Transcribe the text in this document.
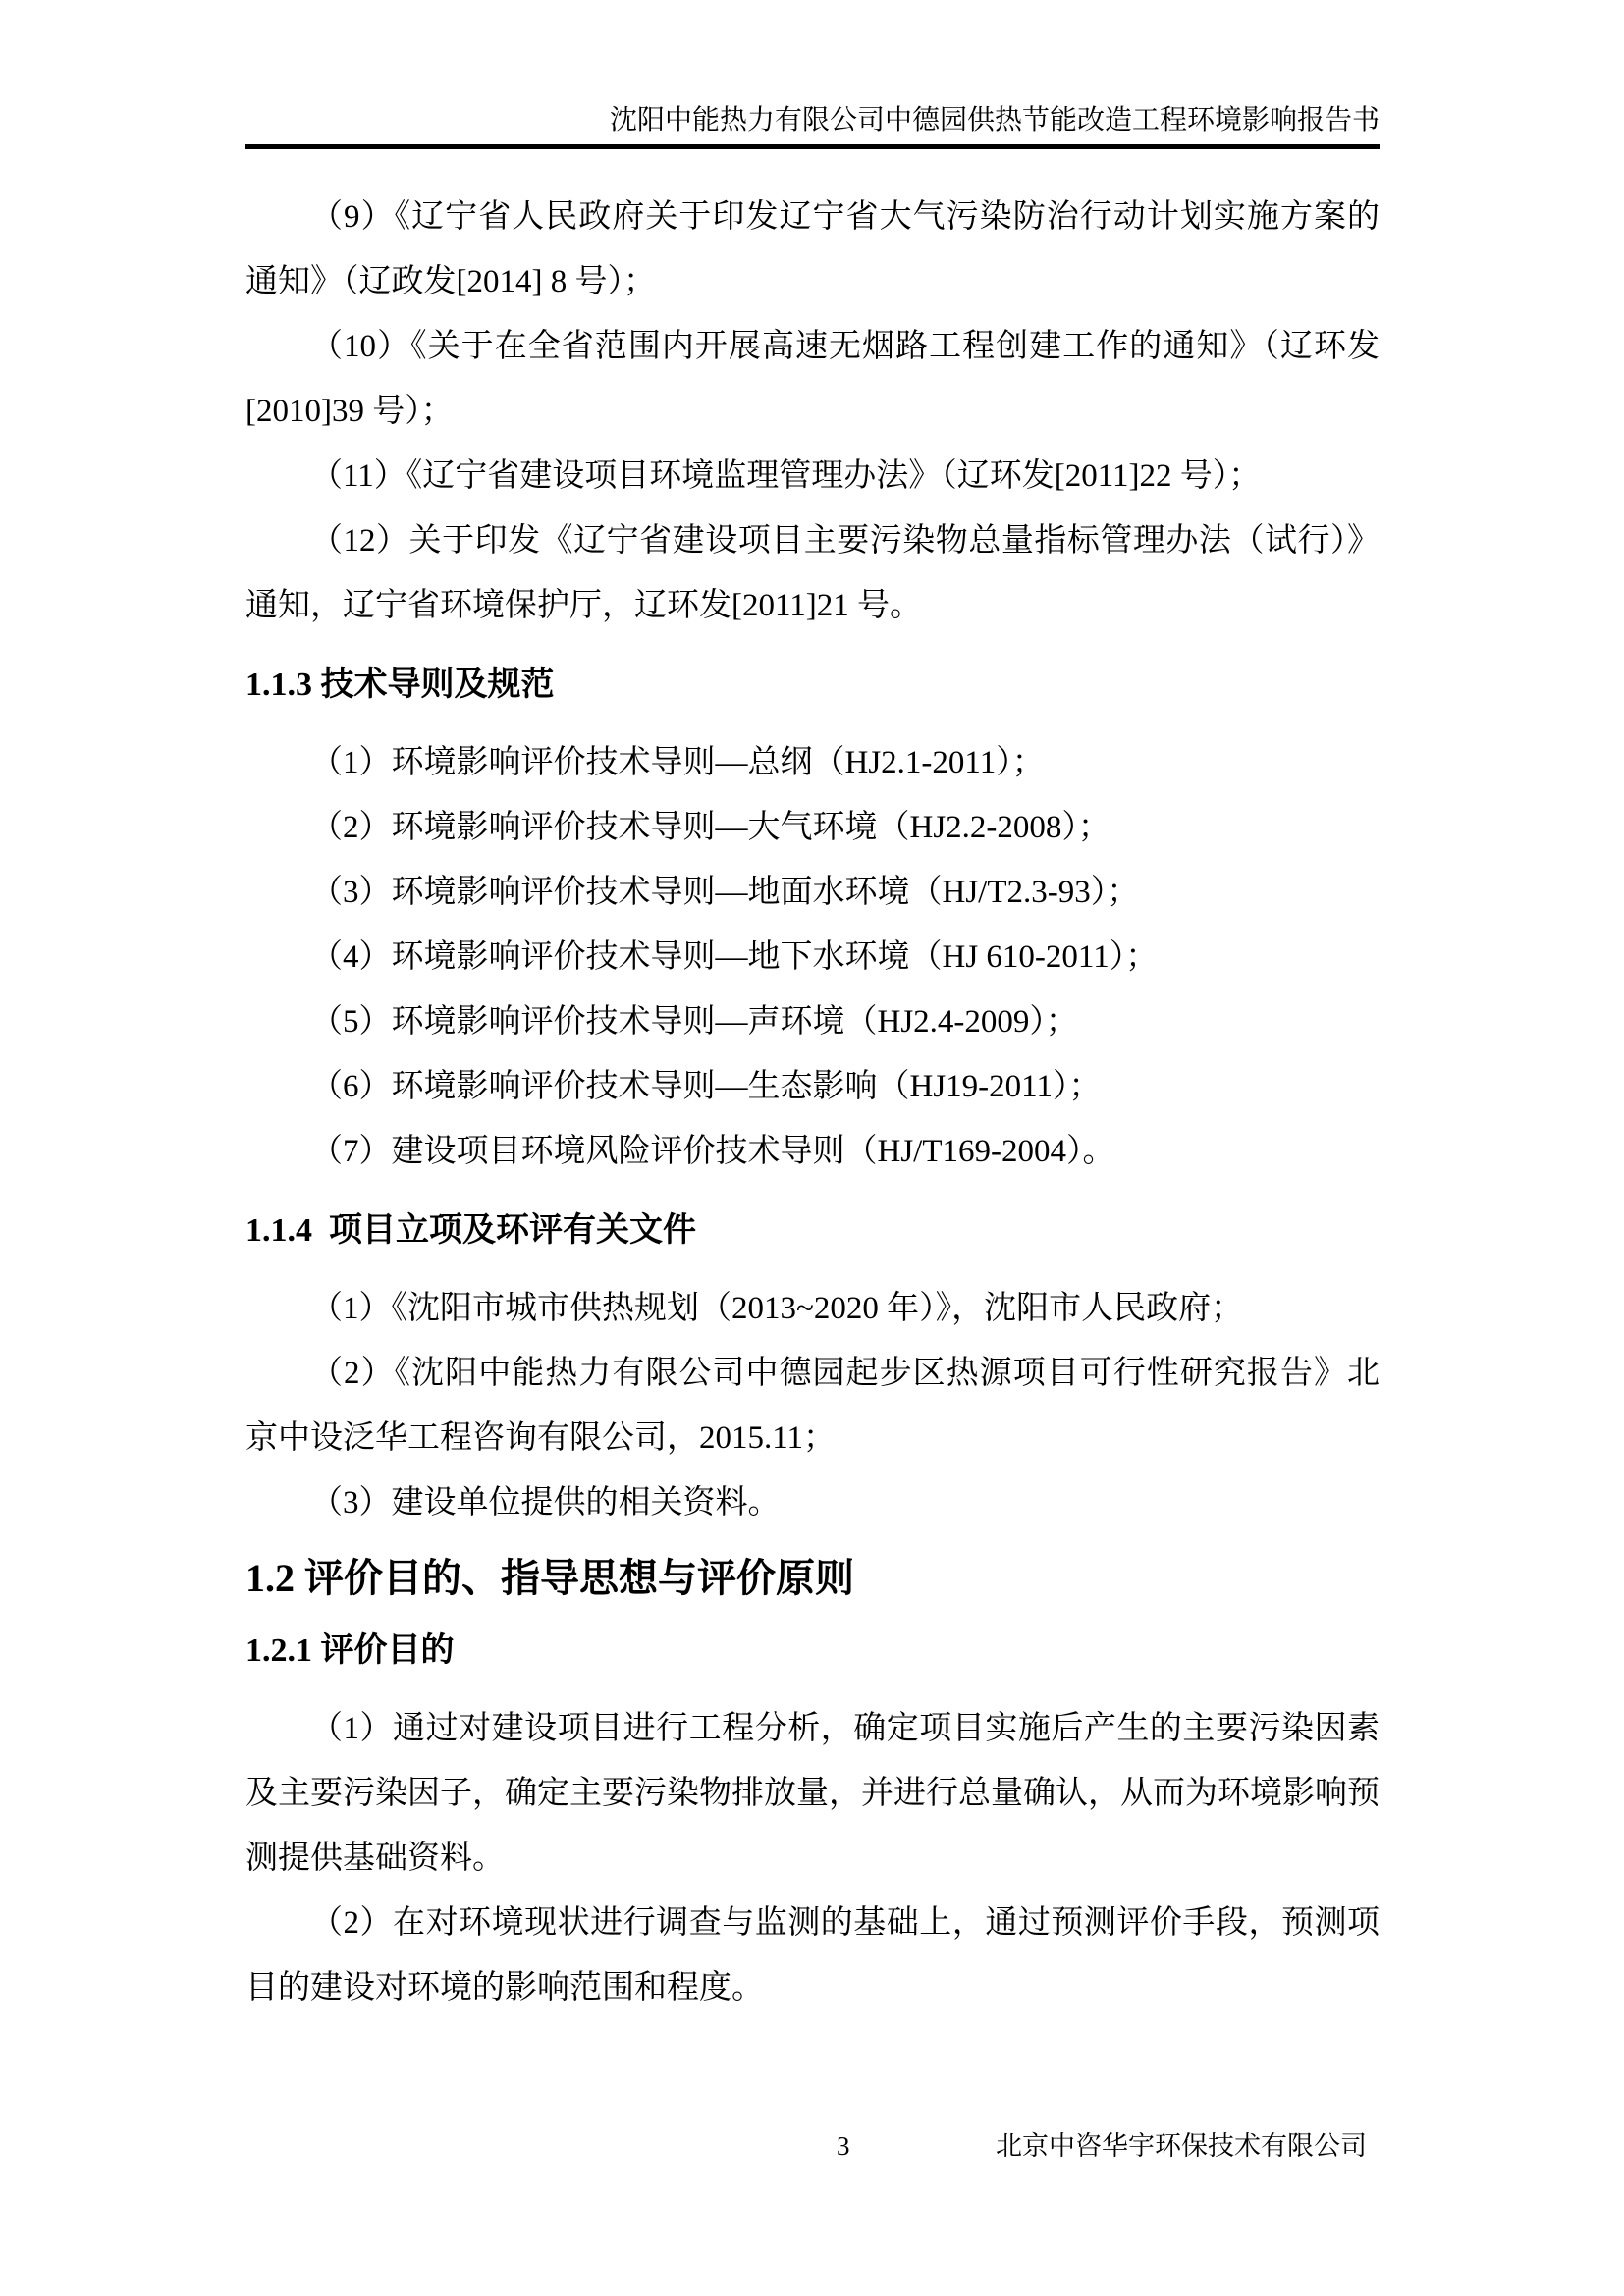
沈阳中能热力有限公司中德园供热节能改造工程环境影响报告书
（9）《辽宁省人民政府关于印发辽宁省大气污染防治行动计划实施方案的
通知》（辽政发[2014] 8 号）；
（10）《关于在全省范围内开展高速无烟路工程创建工作的通知》（辽环发
[2010]39 号）；
（11）《辽宁省建设项目环境监理管理办法》（辽环发[2011]22 号）；
（12）关于印发《辽宁省建设项目主要污染物总量指标管理办法（试行）》
通知，辽宁省环境保护厅，辽环发[2011]21 号。
1.1.3 技术导则及规范
（1）环境影响评价技术导则—总纲（HJ2.1-2011）；
（2）环境影响评价技术导则—大气环境（HJ2.2-2008）；
（3）环境影响评价技术导则—地面水环境（HJ/T2.3-93）；
（4）环境影响评价技术导则—地下水环境（HJ 610-2011）；
（5）环境影响评价技术导则—声环境（HJ2.4-2009）；
（6）环境影响评价技术导则—生态影响（HJ19-2011）；
（7）建设项目环境风险评价技术导则（HJ/T169-2004）。
1.1.4  项目立项及环评有关文件
（1）《沈阳市城市供热规划（2013~2020 年）》，沈阳市人民政府；
（2）《沈阳中能热力有限公司中德园起步区热源项目可行性研究报告》北
京中设泛华工程咨询有限公司，2015.11；
（3）建设单位提供的相关资料。
1.2 评价目的、指导思想与评价原则
1.2.1 评价目的
（1）通过对建设项目进行工程分析，确定项目实施后产生的主要污染因素
及主要污染因子，确定主要污染物排放量，并进行总量确认，从而为环境影响预
测提供基础资料。
（2）在对环境现状进行调查与监测的基础上，通过预测评价手段，预测项
目的建设对环境的影响范围和程度。
3	北京中咨华宇环保技术有限公司
